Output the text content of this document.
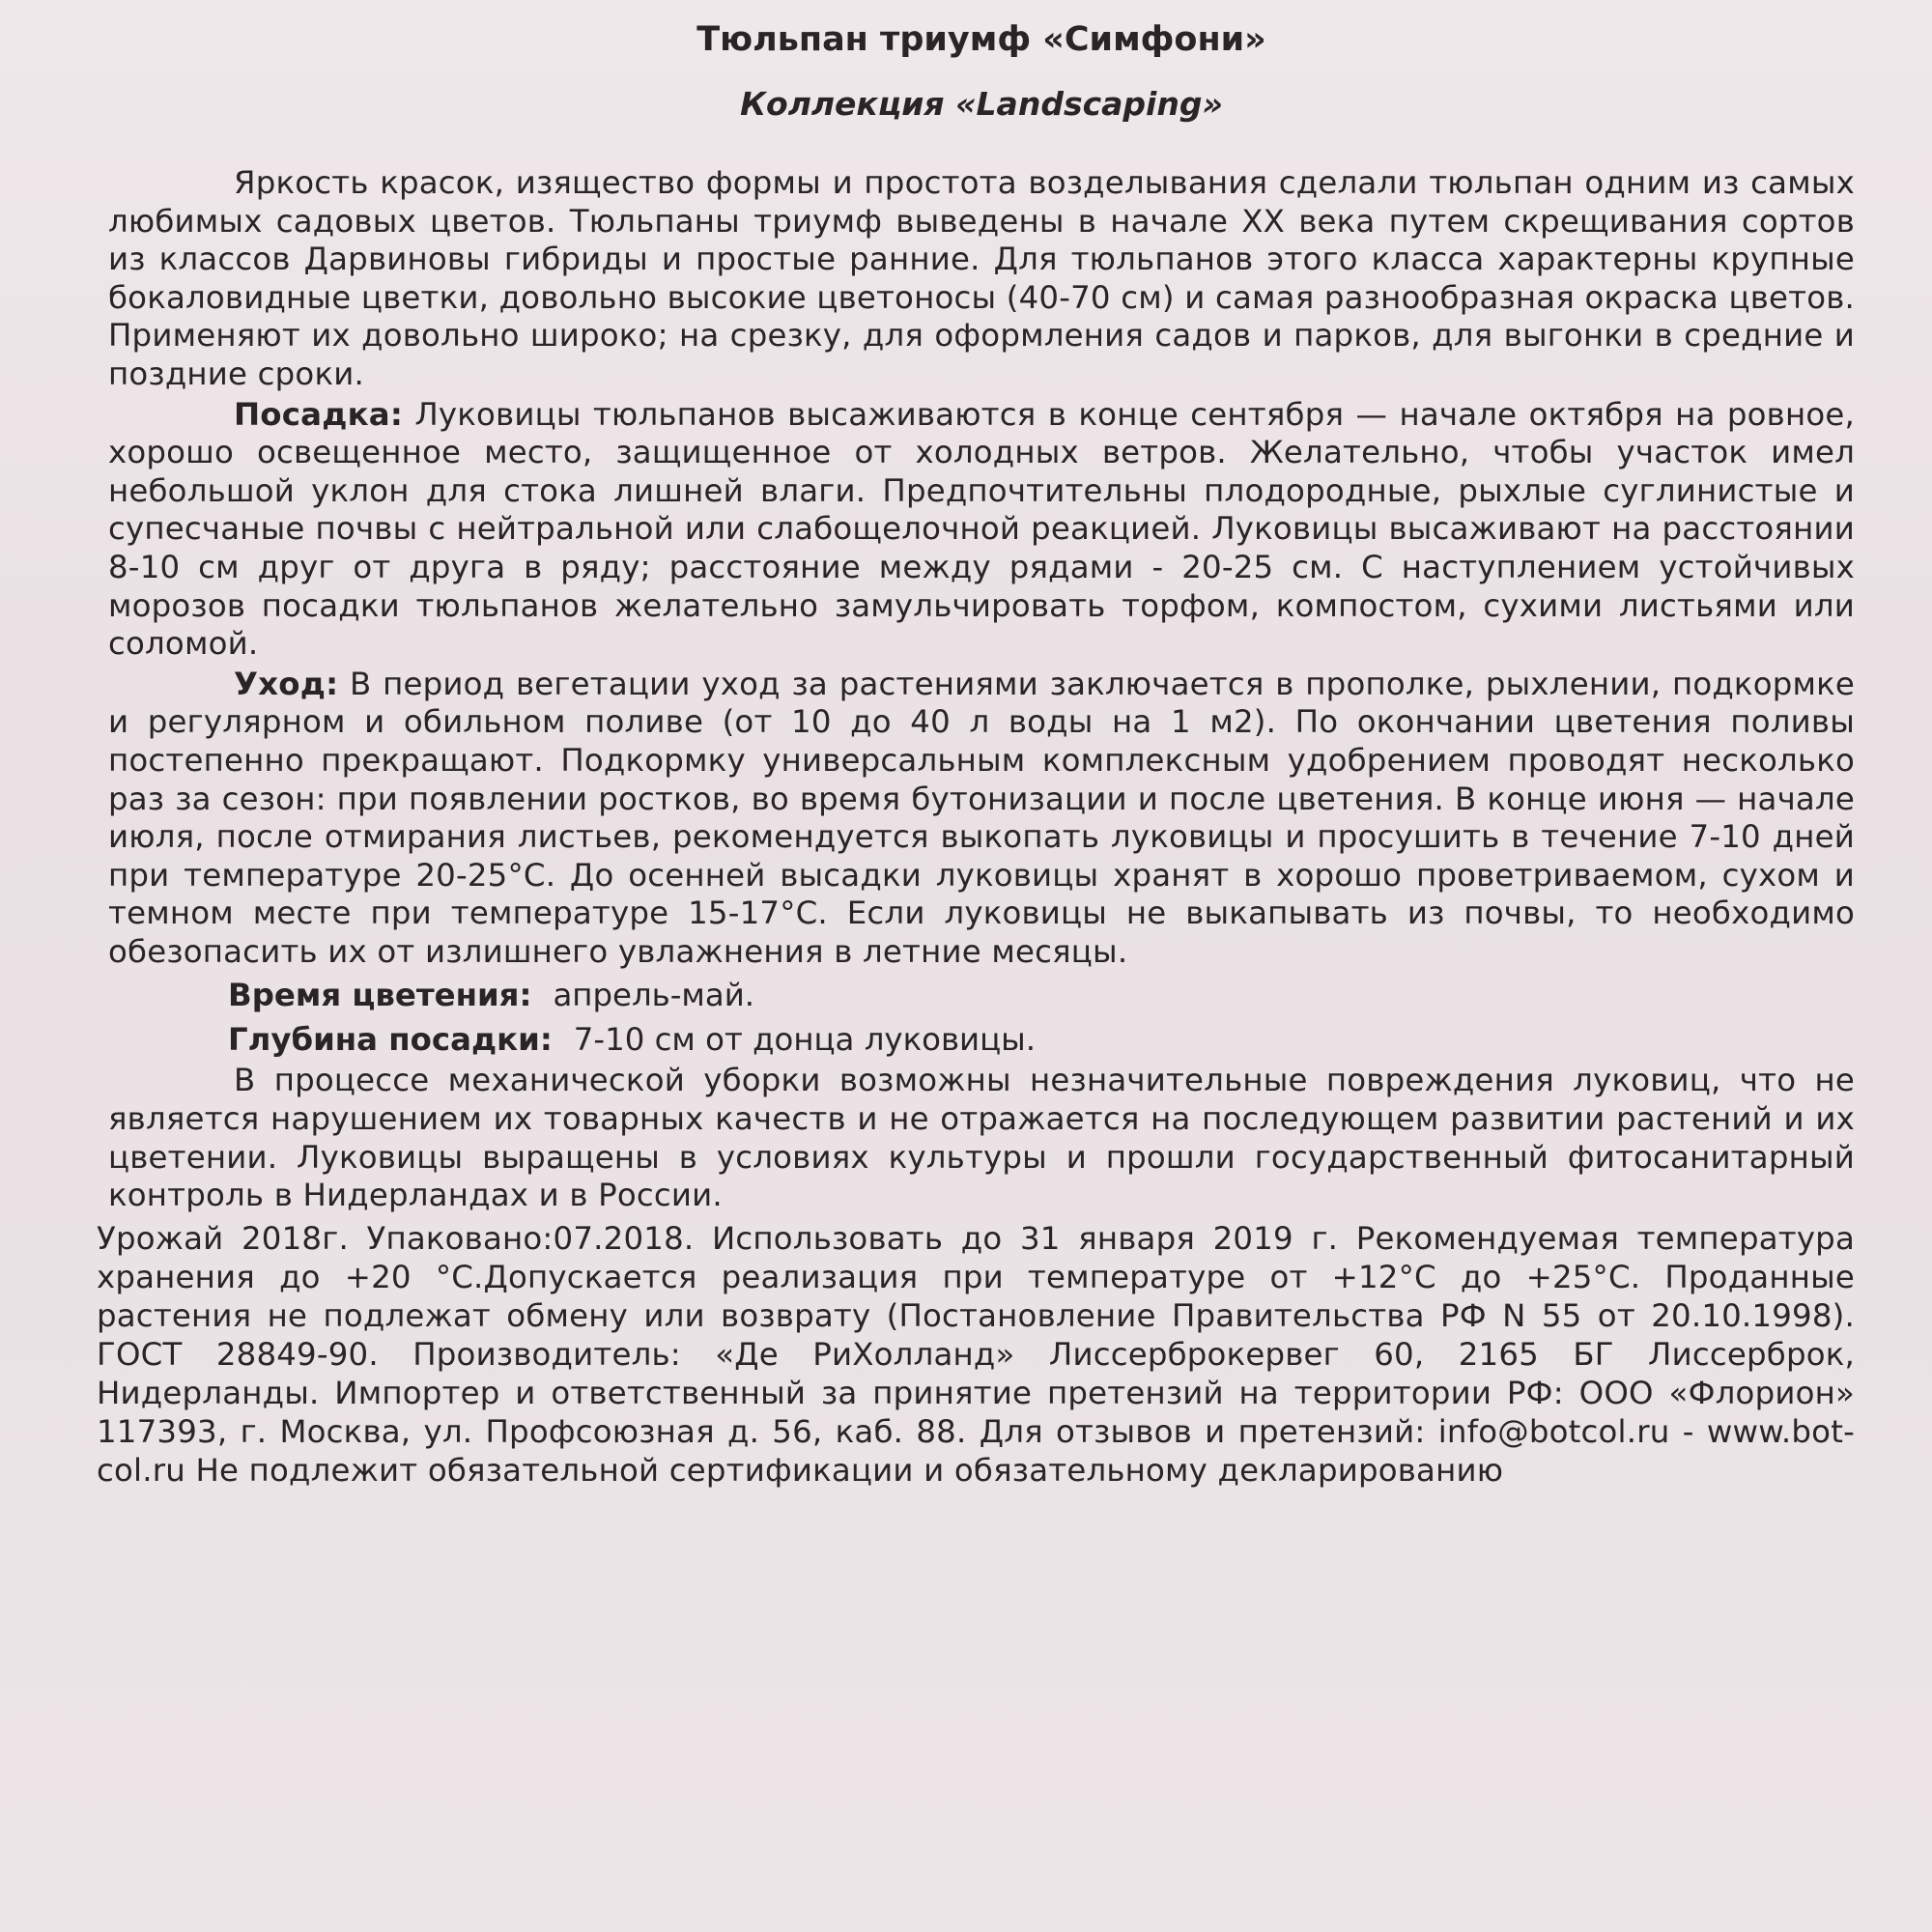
Тюльпан триумф «Симфони»
Коллекция «Landscaping»

Яркость красок, изящество формы и простота возделывания сделали тюльпан одним из самых любимых садовых цветов. Тюльпаны триумф выведены в начале XX века путем скрещивания сортов из классов Дарвиновы гибриды и простые ранние. Для тюльпанов этого класса характерны крупные бокаловидные цветки, довольно высокие цветоносы (40-70 см) и самая разнообразная окраска цветов. Применяют их довольно широко; на срезку, для оформления садов и парков, для выгонки в средние и поздние сроки.

Посадка: Луковицы тюльпанов высаживаются в конце сентября — начале октября на ровное, хорошо освещенное место, защищенное от холодных ветров. Желательно, чтобы участок имел небольшой уклон для стока лишней влаги. Предпочтительны плодородные, рыхлые суглинистые и супесчаные почвы с нейтральной или слабощелочной реакцией. Луковицы высаживают на расстоянии 8-10 см друг от друга в ряду; расстояние между рядами - 20-25 см. С наступлением устойчивых морозов посадки тюльпанов желательно замульчировать торфом, компостом, сухими листьями или соломой.

Уход: В период вегетации уход за растениями заключается в прополке, рыхлении, подкормке и регулярном и обильном поливе (от 10 до 40 л воды на 1 м2). По окончании цветения поливы постепенно прекращают. Подкормку универсальным комплексным удобрением проводят несколько раз за сезон: при появлении ростков, во время бутонизации и после цветения. В конце июня — начале июля, после отмирания листьев, рекомендуется выкопать луковицы и просушить в течение 7-10 дней при температуре 20-25°С. До осенней высадки луковицы хранят в хорошо проветриваемом, сухом и темном месте при температуре 15-17°С. Если луковицы не выкапывать из почвы, то необходимо обезопасить их от излишнего увлажнения в летние месяцы.

Время цветения: апрель-май.
Глубина посадки: 7-10 см от донца луковицы.

В процессе механической уборки возможны незначительные повреждения луковиц, что не является нарушением их товарных качеств и не отражается на последующем развитии растений и их цветении. Луковицы выращены в условиях культуры и прошли государственный фитосанитарный контроль в Нидерландах и в России.

Урожай 2018г. Упаковано:07.2018. Использовать до 31 января 2019 г. Рекомендуемая температура хранения до +20 °С.Допускается реализация при температуре от +12°С до +25°С. Проданные растения не подлежат обмену или возврату (Постановление Правительства РФ N 55 от 20.10.1998). ГОСТ 28849-90. Производитель: «Де РиХолланд» Лиссерброкервег 60, 2165 БГ Лиссерброк, Нидерланды. Импортер и ответственный за принятие претензий на территории РФ: ООО «Флорион» 117393, г. Москва, ул. Профсоюзная д. 56, каб. 88. Для отзывов и претензий: info@botcol.ru - www.bot-col.ru Не подлежит обязательной сертификации и обязательному декларированию
